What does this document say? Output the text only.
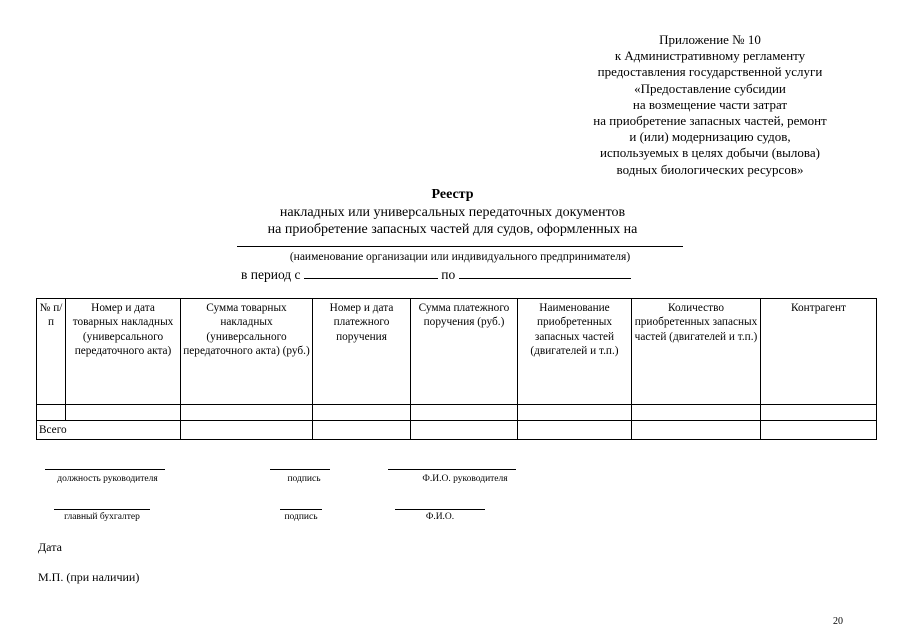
Приложение № 10
к Административному регламенту
предоставления государственной услуги
«Предоставление субсидии
на возмещение части затрат
на приобретение запасных частей, ремонт
и (или) модернизацию судов,
используемых в целях добычи (вылова)
водных биологических ресурсов»
Реестр
накладных или универсальных передаточных документов
на приобретение запасных частей для судов, оформленных на
(наименование организации или индивидуального предпринимателя)
в период с	по
№ п/п	Номер и дата товарных накладных (универсального передаточного акта)	Сумма товарных накладных (универсального передаточного акта) (руб.)	Номер и дата платежного поручения	Сумма платежного поручения (руб.)	Наименование приобретенных запасных частей (двигателей и т.п.)	Количество приобретенных запасных частей (двигателей и т.п.)	Контрагент

Всего							
должность руководителя	подпись	Ф.И.О. руководителя
главный бухгалтер	подпись	Ф.И.О.
Дата
М.П. (при наличии)
20
